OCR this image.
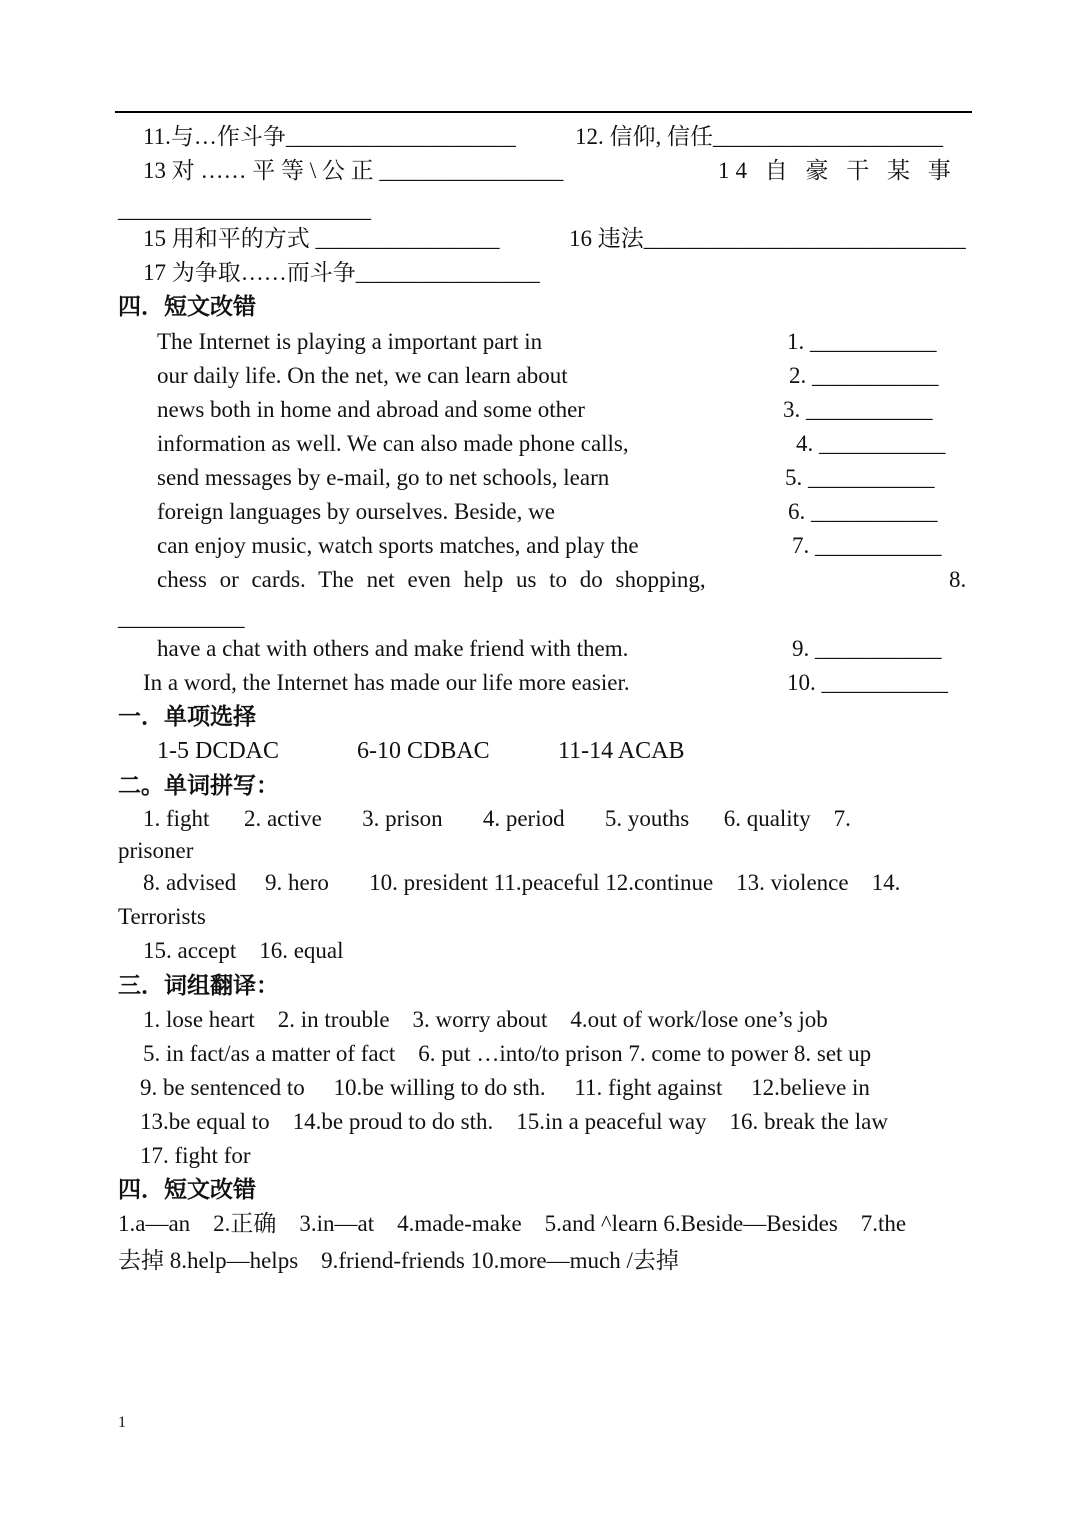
11.与…作斗争____________________	12. 信仰, 信任____________________
13 对 …… 平 等 \ 公 正 ________________	14 自 豪 干 某 事
______________________
15 用和平的方式 ________________	16 违法____________________________
17 为争取……而斗争________________
四．短文改错
The Internet is playing a important part in	1. ___________
our daily life. On the net, we can learn about	2. ___________
news both in home and abroad and some other	3. ___________
information as well. We can also made phone calls,	4. ___________
send messages by e-mail, go to net schools, learn	5. ___________
foreign languages by ourselves. Beside, we	6. ___________
can enjoy music, watch sports matches, and play the	7. ___________
chess or cards. The net even help us to do shopping,	8.
___________
have a chat with others and make friend with them.	9. ___________
In a word, the Internet has made our life more easier.	10. ___________
一．单项选择
1-5 DCDAC	6-10 CDBAC	11-14 ACAB
二。单词拼写：
1. fight      2. active       3. prison       4. period       5. youths      6. quality    7.
prisoner
8. advised     9. hero       10. president 11.peaceful 12.continue    13. violence    14.
Terrorists
15. accept    16. equal
三．词组翻译：
1. lose heart    2. in trouble    3. worry about    4.out of work/lose one’s job
5. in fact/as a matter of fact    6. put …into/to prison 7. come to power 8. set up
9. be sentenced to     10.be willing to do sth.     11. fight against     12.believe in
13.be equal to    14.be proud to do sth.    15.in a peaceful way    16. break the law
17. fight for
四．短文改错
1.a—an    2.正确    3.in—at    4.made-make    5.and ^learn 6.Beside—Besides    7.the
去掉 8.help—helps    9.friend-friends 10.more—much /去掉
1
